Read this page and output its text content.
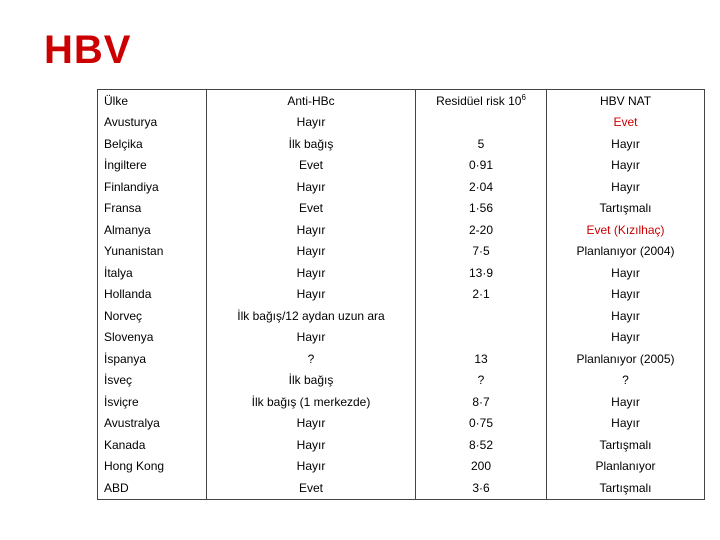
HBV
Ülke	Anti-HBc	Residüel risk $10^6$	HBV NAT
Avusturya	Hayır		Evet
Belçika	İlk bağış	5	Hayır
İngiltere	Evet	0·91	Hayır
Finlandiya	Hayır	2·04	Hayır
Fransa	Evet	1·56	Tartışmalı
Almanya	Hayır	2-20	Evet (Kızılhaç)
Yunanistan	Hayır	7·5	Planlanıyor (2004)
İtalya	Hayır	13·9	Hayır
Hollanda	Hayır	2·1	Hayır
Norveç	İlk bağış/12 aydan uzun ara		Hayır
Slovenya	Hayır		Hayır
İspanya	?	13	Planlanıyor (2005)
İsveç	İlk bağış	?	?
İsviçre	İlk bağış (1 merkezde)	8·7	Hayır
Avustralya	Hayır	0·75	Hayır
Kanada	Hayır	8·52	Tartışmalı
Hong Kong	Hayır	200	Planlanıyor
ABD	Evet	3·6	Tartışmalı
